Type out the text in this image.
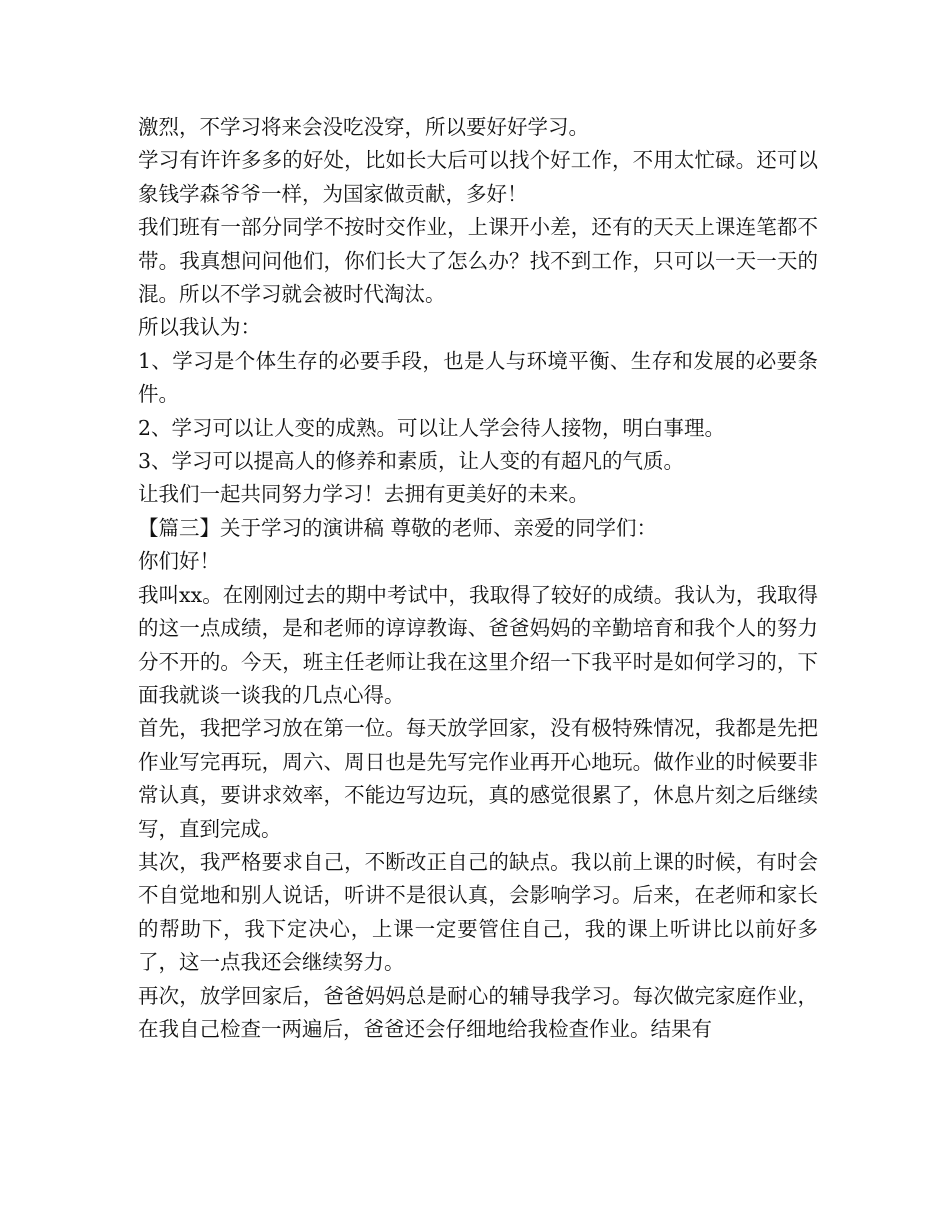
激烈，不学习将来会没吃没穿，所以要好好学习。

学习有许许多多的好处，比如长大后可以找个好工作，不用太忙碌。还可以象钱学森爷爷一样，为国家做贡献，多好！

我们班有一部分同学不按时交作业，上课开小差，还有的天天上课连笔都不带。我真想问问他们，你们长大了怎么办？找不到工作，只可以一天一天的混。所以不学习就会被时代淘汰。

所以我认为：

1、学习是个体生存的必要手段，也是人与环境平衡、生存和发展的必要条件。

2、学习可以让人变的成熟。可以让人学会待人接物，明白事理。

3、学习可以提高人的修养和素质，让人变的有超凡的气质。

让我们一起共同努力学习！去拥有更美好的未来。

【篇三】关于学习的演讲稿 尊敬的老师、亲爱的同学们：

你们好！

我叫xx。在刚刚过去的期中考试中，我取得了较好的成绩。我认为，我取得的这一点成绩，是和老师的谆谆教诲、爸爸妈妈的辛勤培育和我个人的努力分不开的。今天，班主任老师让我在这里介绍一下我平时是如何学习的，下面我就谈一谈我的几点心得。

首先，我把学习放在第一位。每天放学回家，没有极特殊情况，我都是先把作业写完再玩，周六、周日也是先写完作业再开心地玩。做作业的时候要非常认真，要讲求效率，不能边写边玩，真的感觉很累了，休息片刻之后继续写，直到完成。

其次，我严格要求自己，不断改正自己的缺点。我以前上课的时候，有时会不自觉地和别人说话，听讲不是很认真，会影响学习。后来，在老师和家长的帮助下，我下定决心，上课一定要管住自己，我的课上听讲比以前好多了，这一点我还会继续努力。

再次，放学回家后，爸爸妈妈总是耐心的辅导我学习。每次做完家庭作业，在我自己检查一两遍后，爸爸还会仔细地给我检查作业。结果有
